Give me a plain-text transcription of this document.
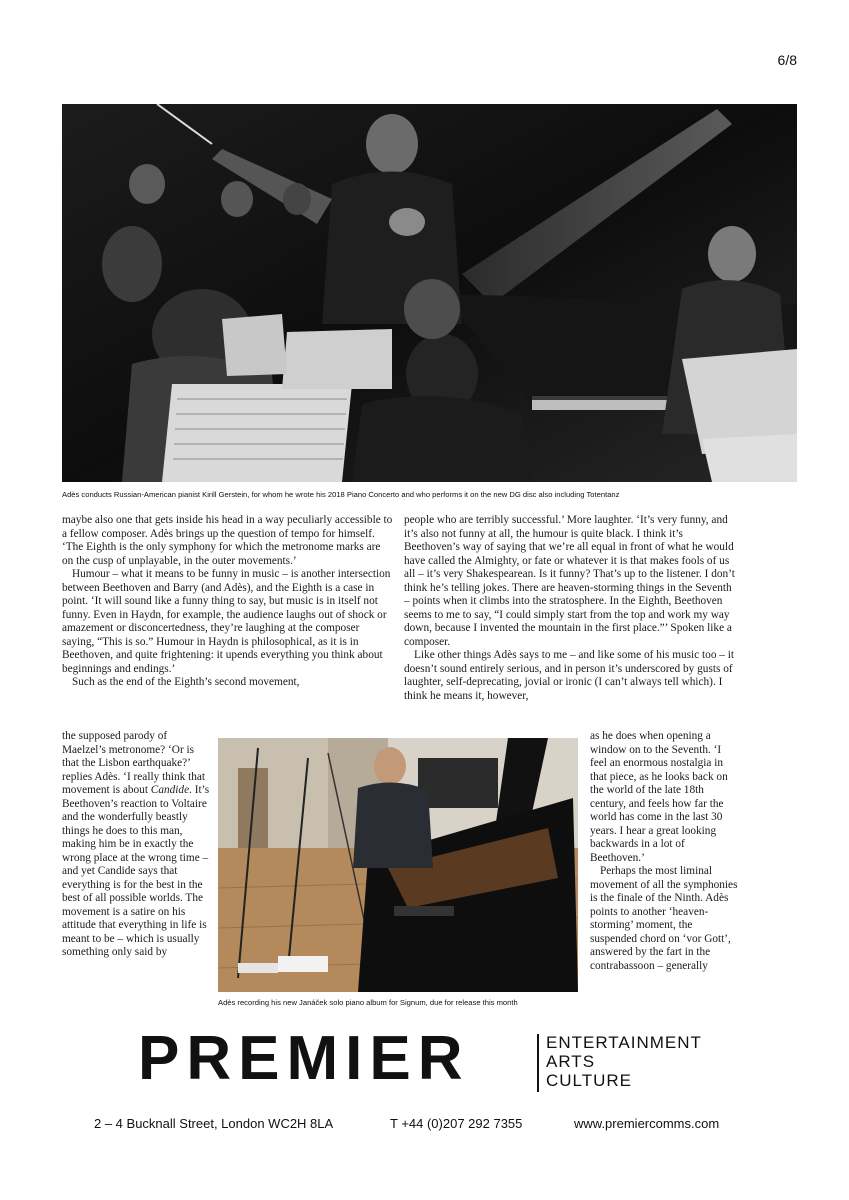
6/8
Adès conducts Russian-American pianist Kirill Gerstein, for whom he wrote his 2018 Piano Concerto and who performs it on the new DG disc also including Totentanz

maybe also one that gets inside his head in a way peculiarly accessible to a fellow composer. Adès brings up the question of tempo for himself. ‘The Eighth is the only symphony for which the metronome marks are on the cusp of unplayable, in the outer movements.’

Humour – what it means to be funny in music – is another intersection between Beethoven and Barry (and Adès), and the Eighth is a case in point. ‘It will sound like a funny thing to say, but music is in itself not funny. Even in Haydn, for example, the audience laughs out of shock or amazement or disconcertedness, they’re laughing at the composer saying, “This is so.” Humour in Haydn is philosophical, as it is in Beethoven, and quite frightening: it upends everything you think about beginnings and endings.’

Such as the end of the Eighth’s second movement,

the supposed parody of Maelzel’s metronome? ‘Or is that the Lisbon earthquake?’ replies Adès. ‘I really think that movement is about Candide. It’s Beethoven’s reaction to Voltaire and the wonderfully beastly things he does to this man, making him be in exactly the wrong place at the wrong time – and yet Candide says that everything is for the best in the best of all possible worlds. The movement is a satire on his attitude that everything in life is meant to be – which is usually something only said by

people who are terribly successful.’ More laughter. ‘It’s very funny, and it’s also not funny at all, the humour is quite black. I think it’s Beethoven’s way of saying that we’re all equal in front of what he would have called the Almighty, or fate or whatever it is that makes fools of us all – it’s very Shakespearean. Is it funny? That’s up to the listener. I don’t think he’s telling jokes. There are heaven-storming things in the Seventh – points when it climbs into the stratosphere. In the Eighth, Beethoven seems to me to say, “I could simply start from the top and work my way down, because I invented the mountain in the first place.”’ Spoken like a composer.

Like other things Adès says to me – and like some of his music too – it doesn’t sound entirely serious, and in person it’s underscored by gusts of laughter, self-deprecating, jovial or ironic (I can’t always tell which). I think he means it, however,

as he does when opening a window on to the Seventh. ‘I feel an enormous nostalgia in that piece, as he looks back on the world of the late 18th century, and feels how far the world has come in the last 30 years. I hear a great looking backwards in a lot of Beethoven.’

Perhaps the most liminal movement of all the symphonies is the finale of the Ninth. Adès points to another ‘heaven-storming’ moment, the suspended chord on ‘vor Gott’, answered by the fart in the contrabassoon – generally

Adès recording his new Janáček solo piano album for Signum, due for release this month
PREMIER	ENTERTAINMENT
ARTS
CULTURE
2 – 4 Bucknall Street, London WC2H 8LA	T +44 (0)207 292 7355	www.premiercomms.com
